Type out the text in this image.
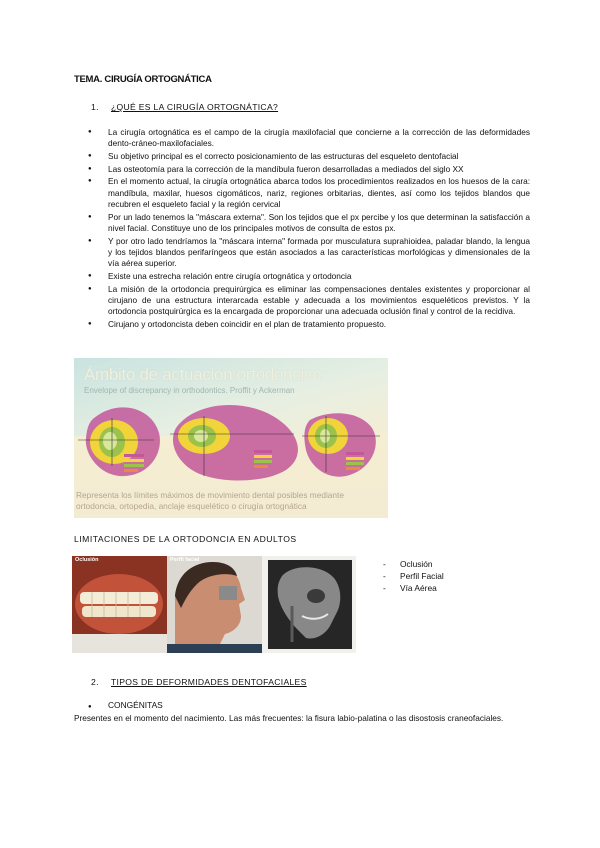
TEMA. CIRUGÍA ORTOGNÁTICA
1. ¿QUÉ ES LA CIRUGÍA ORTOGNÁTICA?
● La cirugía ortognática es el campo de la cirugía maxilofacial que concierne a la corrección de las deformidades dento-cráneo-maxilofaciales.
● Su objetivo principal es el correcto posicionamiento de las estructuras del esqueleto dentofacial
● Las osteotomía para la corrección de la mandíbula fueron desarrolladas a mediados del siglo XX
● En el momento actual, la cirugía ortognática abarca todos los procedimientos realizados en los huesos de la cara: mandíbula, maxilar, huesos cigomáticos, nariz, regiones orbitarias, dientes, así como los tejidos blandos que recubren el esqueleto facial y la región cervical
● Por un lado tenemos la "máscara externa". Son los tejidos que el px percibe y los que determinan la satisfacción a nivel facial. Constituye uno de los principales motivos de consulta de estos px.
● Y por otro lado tendríamos la "máscara interna" formada por musculatura suprahioidea, paladar blando, la lengua y los tejidos blandos perifaríngeos que están asociados a las características morfológicas y dimensionales de la vía aérea superior.
● Existe una estrecha relación entre cirugía ortognática y ortodoncia
● La misión de la ortodoncia prequirúrgica es eliminar las compensaciones dentales existentes y proporcionar al cirujano de una estructura interarcada estable y adecuada a los movimientos esqueléticos previstos. Y la ortodoncia postquirúrgica es la encargada de proporcionar una adecuada oclusión final y control de la recidiva.
● Cirujano y ortodoncista deben coincidir en el plan de tratamiento propuesto.
Ámbito de actuación ortodóncico
Envelope of discrepancy in orthodontics. Proffit y Ackerman
Representa los límites máximos de movimiento dental posibles mediante ortodoncia, ortopedia, anclaje esquelético o cirugía ortognática
LIMITACIONES DE LA ORTODONCIA EN ADULTOS
Oclusión	Perfil facial
-	Oclusión
- Perfil Facial
- Vía Aérea
2. TIPOS DE DEFORMIDADES DENTOFACIALES
● CONGÉNITAS
Presentes en el momento del nacimiento. Las más frecuentes: la fisura labio-palatina o las disostosis craneofaciales.
